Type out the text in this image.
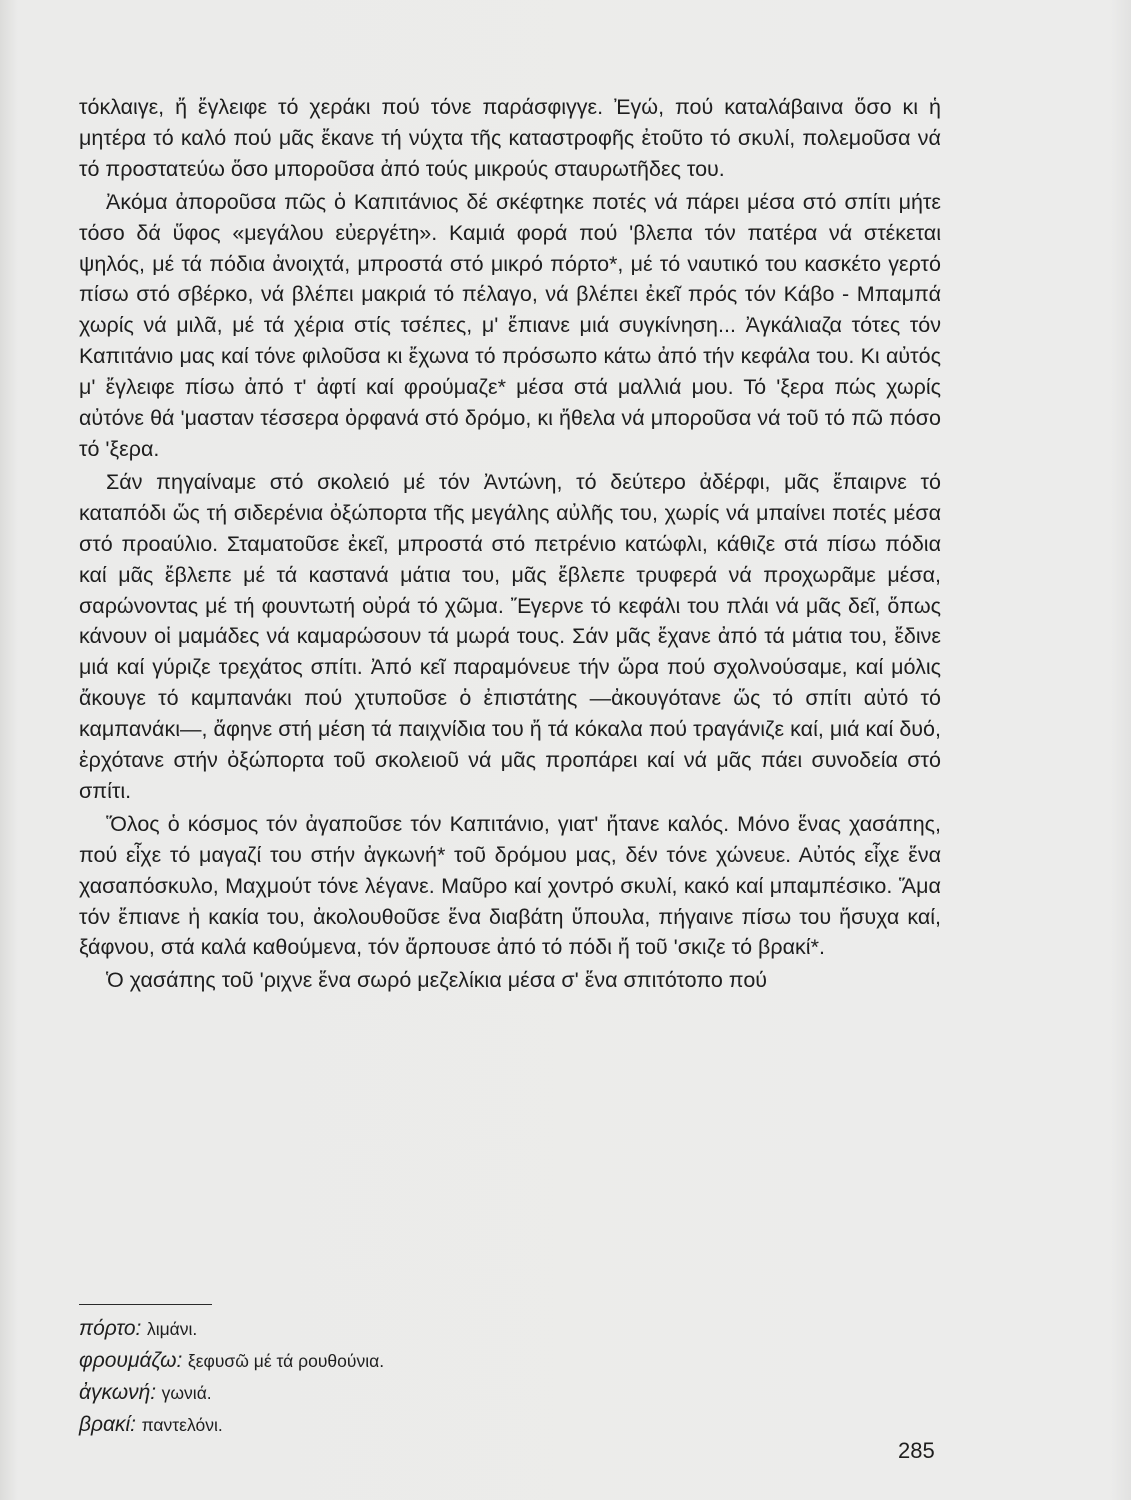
τόκλαιγε, ἤ ἔγλειφε τό χεράκι πού τόνε παράσφιγγε. Ἐγώ, πού καταλάβαινα ὅσο κι ἡ μητέρα τό καλό πού μᾶς ἔκανε τή νύχτα τῆς καταστροφῆς ἐτοῦτο τό σκυλί, πολεμοῦσα νά τό προστατεύω ὅσο μποροῦσα ἀπό τούς μικρούς σταυρωτῆδες του.

Ἀκόμα ἀποροῦσα πῶς ὁ Καπιτάνιος δέ σκέφτηκε ποτές νά πάρει μέσα στό σπίτι μήτε τόσο δά ὕφος «μεγάλου εὐεργέτη». Καμιά φορά πού 'βλεπα τόν πατέρα νά στέκεται ψηλός, μέ τά πόδια ἀνοιχτά, μπροστά στό μικρό πόρτο*, μέ τό ναυτικό του κασκέτο γερτό πίσω στό σβέρκο, νά βλέπει μακριά τό πέλαγο, νά βλέπει ἐκεῖ πρός τόν Κάβο - Μπαμπά χωρίς νά μιλᾶ, μέ τά χέρια στίς τσέπες, μ' ἔπιανε μιά συγκίνηση... Ἀγκάλιαζα τότες τόν Καπιτάνιο μας καί τόνε φιλοῦσα κι ἔχωνα τό πρόσωπο κάτω ἀπό τήν κεφάλα του. Κι αὐτός μ' ἔγλειφε πίσω ἀπό τ' ἀφτί καί φρούμαζε* μέσα στά μαλλιά μου. Τό 'ξερα πώς χωρίς αὐτόνε θά 'μασταν τέσσερα ὀρφανά στό δρόμο, κι ἤθελα νά μποροῦσα νά τοῦ τό πῶ πόσο τό 'ξερα.

Σάν πηγαίναμε στό σκολειό μέ τόν Ἀντώνη, τό δεύτερο ἀδέρφι, μᾶς ἔπαιρνε τό καταπόδι ὥς τή σιδερένια ὀξώπορτα τῆς μεγάλης αὐλῆς του, χωρίς νά μπαίνει ποτές μέσα στό προαύλιο. Σταματοῦσε ἐκεῖ, μπροστά στό πετρένιο κατώφλι, κάθιζε στά πίσω πόδια καί μᾶς ἔβλεπε μέ τά καστανά μάτια του, μᾶς ἔβλεπε τρυφερά νά προχωρᾶμε μέσα, σαρώνοντας μέ τή φουντωτή οὐρά τό χῶμα. Ἔγερνε τό κεφάλι του πλάι νά μᾶς δεῖ, ὅπως κάνουν οἱ μαμάδες νά καμαρώσουν τά μωρά τους. Σάν μᾶς ἔχανε ἀπό τά μάτια του, ἔδινε μιά καί γύριζε τρεχάτος σπίτι. Ἀπό κεῖ παραμόνευε τήν ὥρα πού σχολνούσαμε, καί μόλις ἄκουγε τό καμπανάκι πού χτυποῦσε ὁ ἐπιστάτης —ἀκουγότανε ὥς τό σπίτι αὐτό τό καμπανάκι—, ἄφηνε στή μέση τά παιχνίδια του ἤ τά κόκαλα πού τραγάνιζε καί, μιά καί δυό, ἐρχότανε στήν ὀξώπορτα τοῦ σκολειοῦ νά μᾶς προπάρει καί νά μᾶς πάει συνοδεία στό σπίτι.

Ὅλος ὁ κόσμος τόν ἀγαποῦσε τόν Καπιτάνιο, γιατ' ἤτανε καλός. Μόνο ἕνας χασάπης, πού εἶχε τό μαγαζί του στήν ἀγκωνή* τοῦ δρόμου μας, δέν τόνε χώνευε. Αὐτός εἶχε ἕνα χασαπόσκυλο, Μαχμούτ τόνε λέγανε. Μαῦρο καί χοντρό σκυλί, κακό καί μπαμπέσικο. Ἅμα τόν ἔπιανε ἡ κακία του, ἀκολουθοῦσε ἕνα διαβάτη ὕπουλα, πήγαινε πίσω του ἥσυχα καί, ξάφνου, στά καλά καθούμενα, τόν ἄρπουσε ἀπό τό πόδι ἤ τοῦ 'σκιζε τό βρακί*.

Ὁ χασάπης τοῦ 'ριχνε ἕνα σωρό μεζελίκια μέσα σ' ἕνα σπιτότοπο πού

πόρτο: λιμάνι.
φρουμάζω: ξεφυσῶ μέ τά ρουθούνια.
ἀγκωνή: γωνιά.
βρακί: παντελόνι.
285
